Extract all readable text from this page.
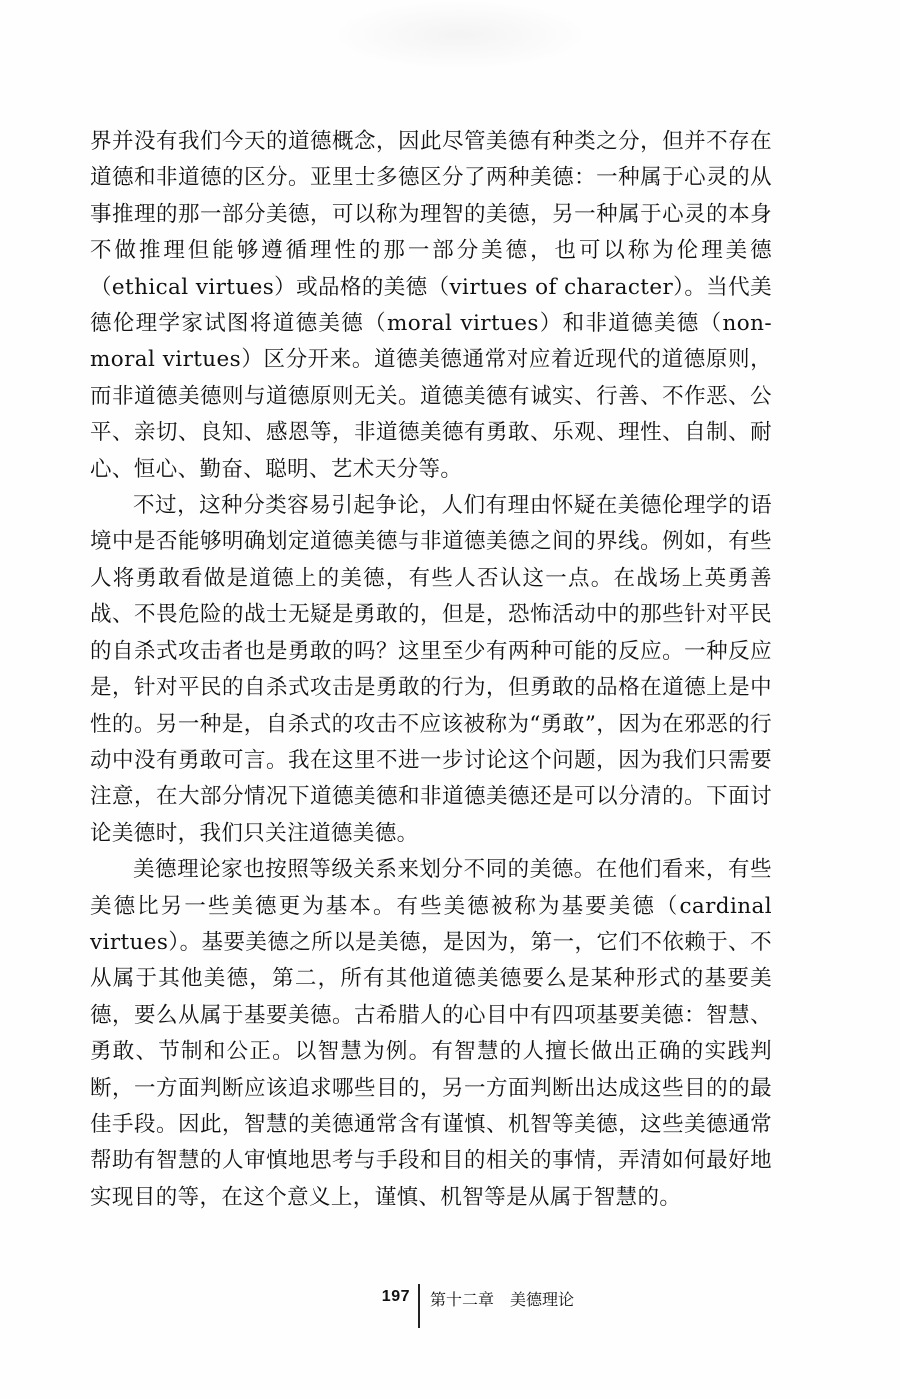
界并没有我们今天的道德概念，因此尽管美德有种类之分，但并不存在道德和非道德的区分。亚里士多德区分了两种美德：一种属于心灵的从事推理的那一部分美德，可以称为理智的美德，另一种属于心灵的本身不做推理但能够遵循理性的那一部分美德，也可以称为伦理美德（ethical virtues）或品格的美德（virtues of character）。当代美德伦理学家试图将道德美德（moral virtues）和非道德美德（non-moral virtues）区分开来。道德美德通常对应着近现代的道德原则，而非道德美德则与道德原则无关。道德美德有诚实、行善、不作恶、公平、亲切、良知、感恩等，非道德美德有勇敢、乐观、理性、自制、耐心、恒心、勤奋、聪明、艺术天分等。

不过，这种分类容易引起争论，人们有理由怀疑在美德伦理学的语境中是否能够明确划定道德美德与非道德美德之间的界线。例如，有些人将勇敢看做是道德上的美德，有些人否认这一点。在战场上英勇善战、不畏危险的战士无疑是勇敢的，但是，恐怖活动中的那些针对平民的自杀式攻击者也是勇敢的吗？这里至少有两种可能的反应。一种反应是，针对平民的自杀式攻击是勇敢的行为，但勇敢的品格在道德上是中性的。另一种是，自杀式的攻击不应该被称为“勇敢”，因为在邪恶的行动中没有勇敢可言。我在这里不进一步讨论这个问题，因为我们只需要注意，在大部分情况下道德美德和非道德美德还是可以分清的。下面讨论美德时，我们只关注道德美德。

美德理论家也按照等级关系来划分不同的美德。在他们看来，有些美德比另一些美德更为基本。有些美德被称为基要美德（cardinal virtues）。基要美德之所以是美德，是因为，第一，它们不依赖于、不从属于其他美德，第二，所有其他道德美德要么是某种形式的基要美德，要么从属于基要美德。古希腊人的心目中有四项基要美德：智慧、勇敢、节制和公正。以智慧为例。有智慧的人擅长做出正确的实践判断，一方面判断应该追求哪些目的，另一方面判断出达成这些目的的最佳手段。因此，智慧的美德通常含有谨慎、机智等美德，这些美德通常帮助有智慧的人审慎地思考与手段和目的相关的事情，弄清如何最好地实现目的等，在这个意义上，谨慎、机智等是从属于智慧的。

197 第十二章　美德理论
